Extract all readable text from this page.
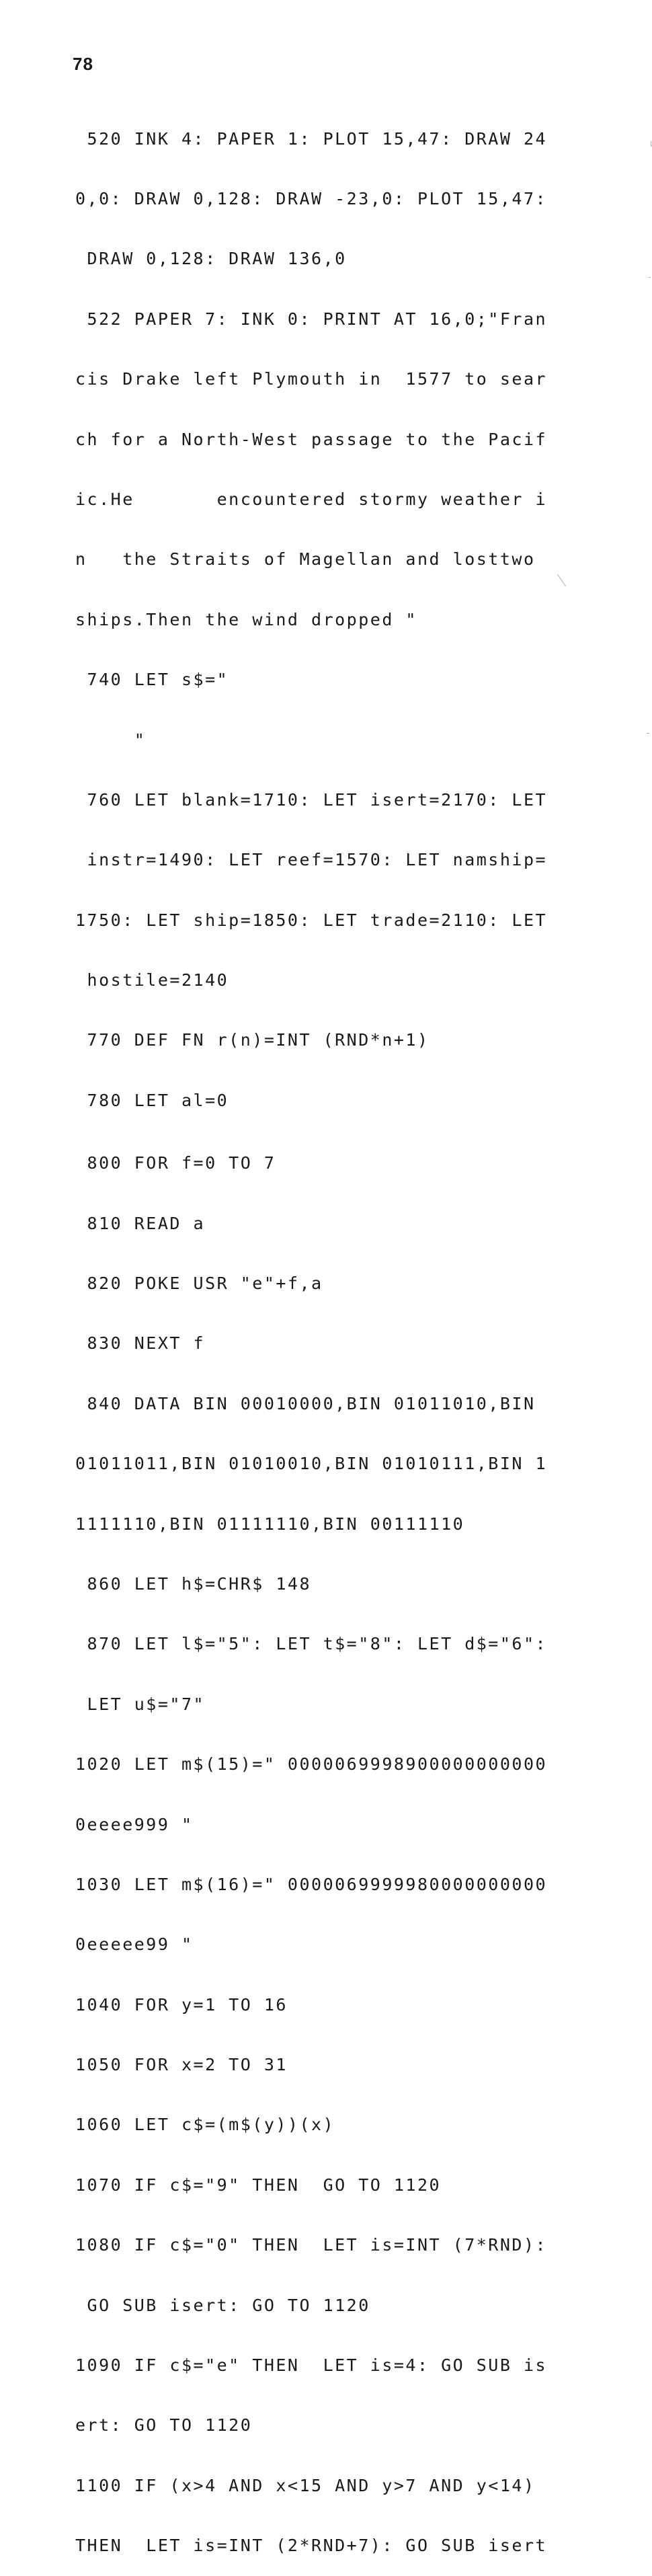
78

520 INK 4: PAPER 1: PLOT 15,47: DRAW 24

0,0: DRAW 0,128: DRAW -23,0: PLOT 15,47:

DRAW 0,128: DRAW 136,0

522 PAPER 7: INK 0: PRINT AT 16,0;"Fran

cis Drake left Plymouth in  1577 to sear

ch for a North-West passage to the Pacif

ic.He       encountered stormy weather i

n   the Straits of Magellan and losttwo

ships.Then the wind dropped "

740 LET s$="

"

760 LET blank=1710: LET isert=2170: LET

instr=1490: LET reef=1570: LET namship=

1750: LET ship=1850: LET trade=2110: LET

hostile=2140

770 DEF FN r(n)=INT (RND*n+1)

780 LET al=0

800 FOR f=0 TO 7

810 READ a

820 POKE USR "e"+f,a

830 NEXT f

840 DATA BIN 00010000,BIN 01011010,BIN

01011011,BIN 01010010,BIN 01010111,BIN 1

1111110,BIN 01111110,BIN 00111110

860 LET h$=CHR$ 148

870 LET l$="5": LET t$="8": LET d$="6":

LET u$="7"

1020 LET m$(15)=" 0000069998900000000000

0eeee999 "

1030 LET m$(16)=" 0000069999980000000000

0eeeee99 "

1040 FOR y=1 TO 16

1050 FOR x=2 TO 31

1060 LET c$=(m$(y))(x)

1070 IF c$="9" THEN  GO TO 1120

1080 IF c$="0" THEN  LET is=INT (7*RND):

GO SUB isert: GO TO 1120

1090 IF c$="e" THEN  LET is=4: GO SUB is

ert: GO TO 1120

1100 IF (x>4 AND x<15 AND y>7 AND y<14)

THEN  LET is=INT (2*RND+7): GO SUB isert
